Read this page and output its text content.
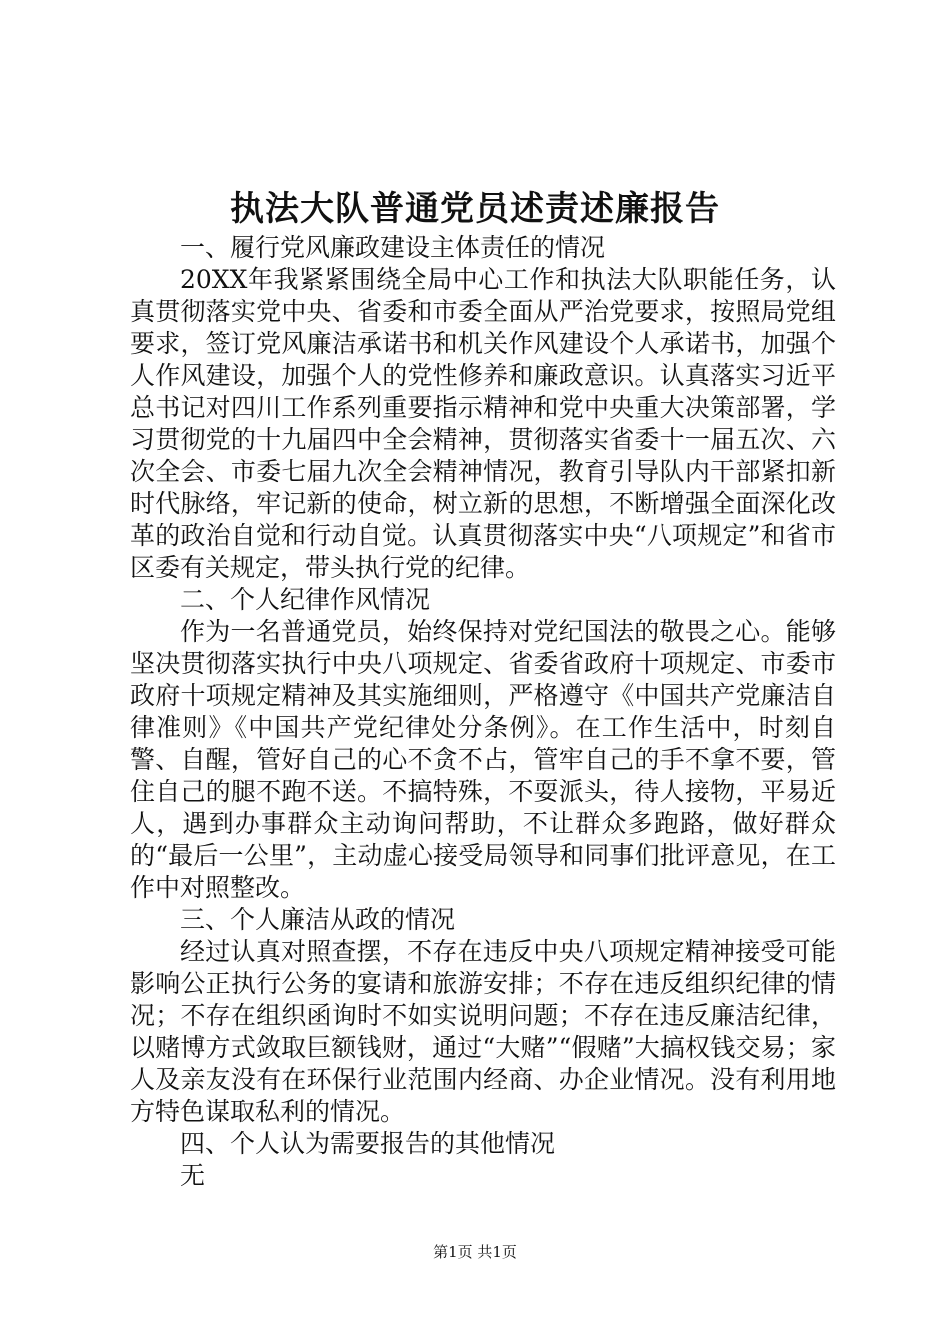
执法大队普通党员述责述廉报告

一、履行党风廉政建设主体责任的情况

20XX年我紧紧围绕全局中心工作和执法大队职能任务，认真贯彻落实党中央、省委和市委全面从严治党要求，按照局党组要求，签订党风廉洁承诺书和机关作风建设个人承诺书，加强个人作风建设，加强个人的党性修养和廉政意识。认真落实习近平总书记对四川工作系列重要指示精神和党中央重大决策部署，学习贯彻党的十九届四中全会精神，贯彻落实省委十一届五次、六次全会、市委七届九次全会精神情况，教育引导队内干部紧扣新时代脉络，牢记新的使命，树立新的思想，不断增强全面深化改革的政治自觉和行动自觉。认真贯彻落实中央“八项规定”和省市区委有关规定，带头执行党的纪律。

二、个人纪律作风情况

作为一名普通党员，始终保持对党纪国法的敬畏之心。能够坚决贯彻落实执行中央八项规定、省委省政府十项规定、市委市政府十项规定精神及其实施细则，严格遵守《中国共产党廉洁自律准则》《中国共产党纪律处分条例》。在工作生活中，时刻自警、自醒，管好自己的心不贪不占，管牢自己的手不拿不要，管住自己的腿不跑不送。不搞特殊，不耍派头，待人接物，平易近人，遇到办事群众主动询问帮助，不让群众多跑路，做好群众的“最后一公里”，主动虚心接受局领导和同事们批评意见，在工作中对照整改。

三、个人廉洁从政的情况

经过认真对照查摆，不存在违反中央八项规定精神接受可能影响公正执行公务的宴请和旅游安排；不存在违反组织纪律的情况；不存在组织函询时不如实说明问题；不存在违反廉洁纪律，以赌博方式敛取巨额钱财，通过“大赌”“假赌”大搞权钱交易；家人及亲友没有在环保行业范围内经商、办企业情况。没有利用地方特色谋取私利的情况。

四、个人认为需要报告的其他情况

无

第1页 共1页
